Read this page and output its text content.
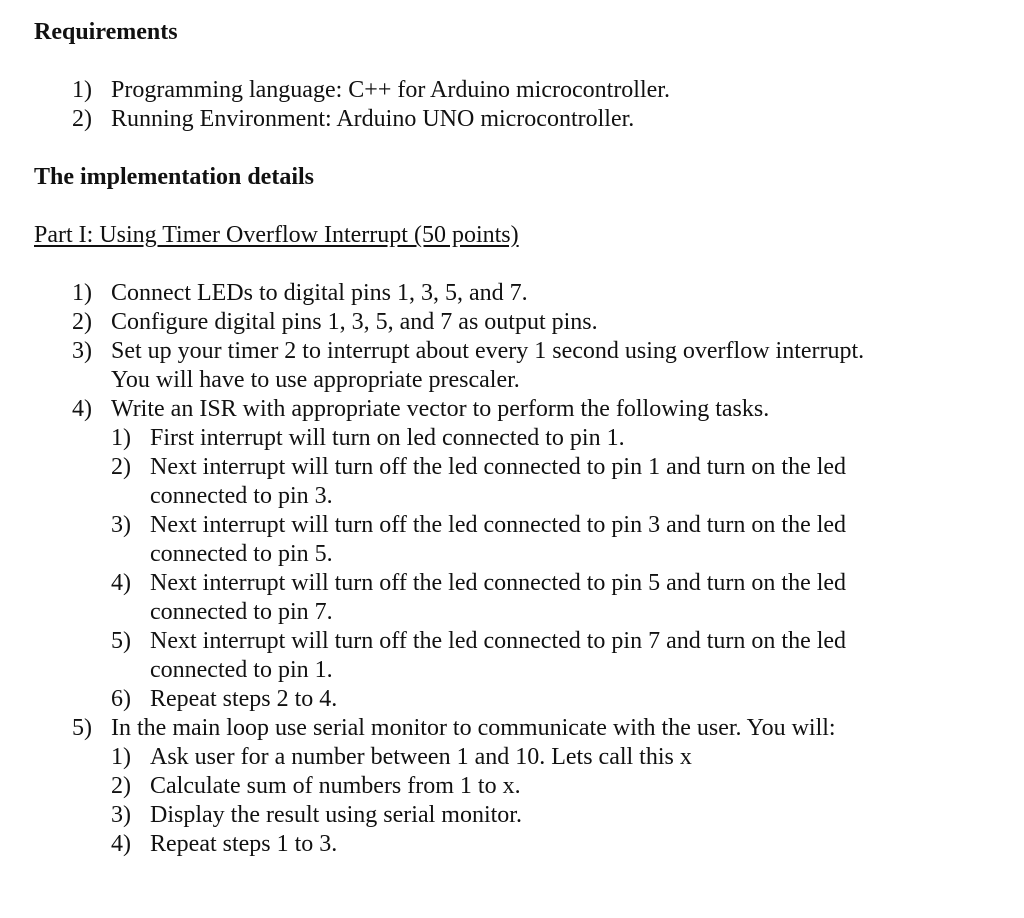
Requirements
1) Programming language: C++ for Arduino microcontroller.
2) Running Environment: Arduino UNO microcontroller.
The implementation details
Part I: Using Timer Overflow Interrupt (50 points)
1) Connect LEDs to digital pins 1, 3, 5, and 7.
2) Configure digital pins 1, 3, 5, and 7 as output pins.
3) Set up your timer 2 to interrupt about every 1 second using overflow interrupt.
You will have to use appropriate prescaler.
4) Write an ISR with appropriate vector to perform the following tasks.
1) First interrupt will turn on led connected to pin 1.
2) Next interrupt will turn off the led connected to pin 1 and turn on the led
connected to pin 3.
3) Next interrupt will turn off the led connected to pin 3 and turn on the led
connected to pin 5.
4) Next interrupt will turn off the led connected to pin 5 and turn on the led
connected to pin 7.
5) Next interrupt will turn off the led connected to pin 7 and turn on the led
connected to pin 1.
6) Repeat steps 2 to 4.
5) In the main loop use serial monitor to communicate with the user. You will:
1) Ask user for a number between 1 and 10. Lets call this x
2) Calculate sum of numbers from 1 to x.
3) Display the result using serial monitor.
4) Repeat steps 1 to 3.
